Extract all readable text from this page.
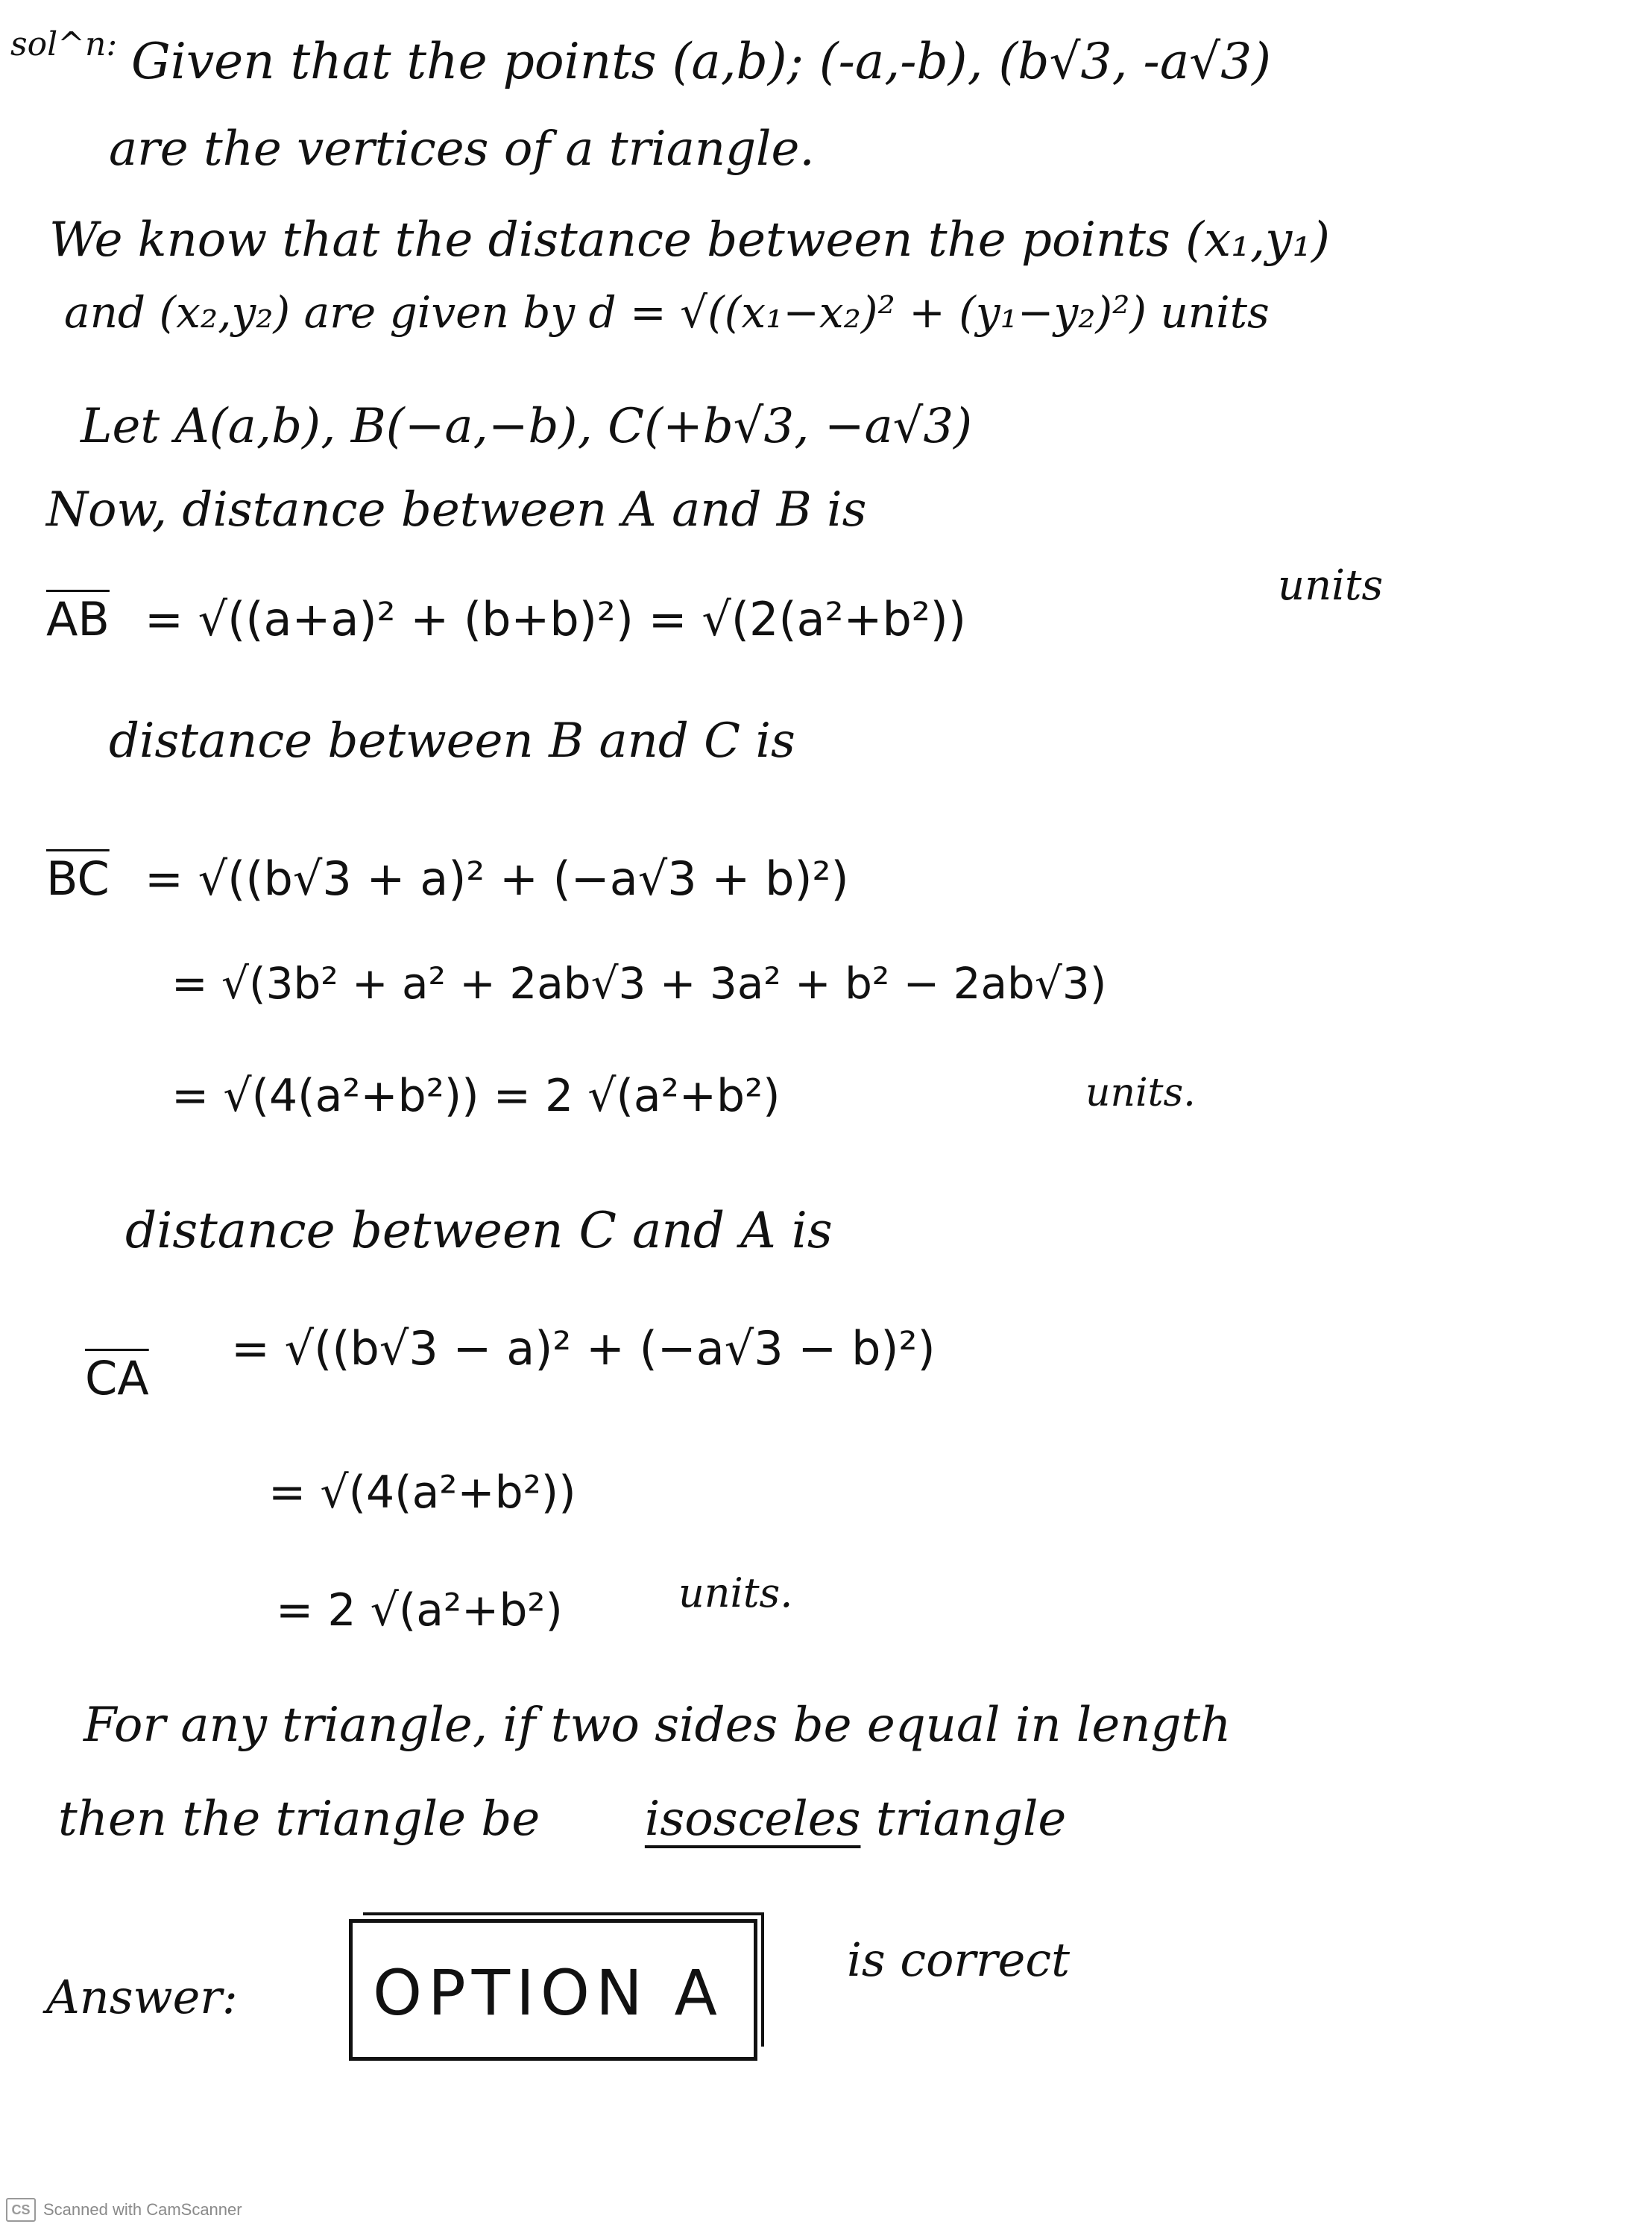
sol^n: Given that the points (a,b); (-a,-b), (b√3, -a√3)
are the vertices of a triangle.
We know that the distance between the points (x₁,y₁)
and (x₂,y₂) are given by d = √((x₁−x₂)² + (y₁−y₂)²) units
Let A(a,b), B(−a,−b), C(+b√3, −a√3)
Now, distance between A and B is
$\overline{AB} = √((a+a)^2 + (b+b)^2) = √(2(a^2+b^2))$
units
distance between B and C is
$\overline{BC} = √((b√3 + a)^2 + (-a√3 + b)^2)$
= √(3b² + a² + 2ab√3 + 3a² + b² − 2ab√3)
= √(4(a²+b²)) = 2 √(a²+b²)	units.
distance between C and A is
$\overline{CA}$
= √((b√3 − a)² + (−a√3 − b)²)
= √(4(a²+b²))
= 2 √(a²+b²)	units.
For any triangle, if two sides be equal in length
then the triangle be isosceles triangle
Answer: OPTION A	is correct
CS Scanned with CamScanner
